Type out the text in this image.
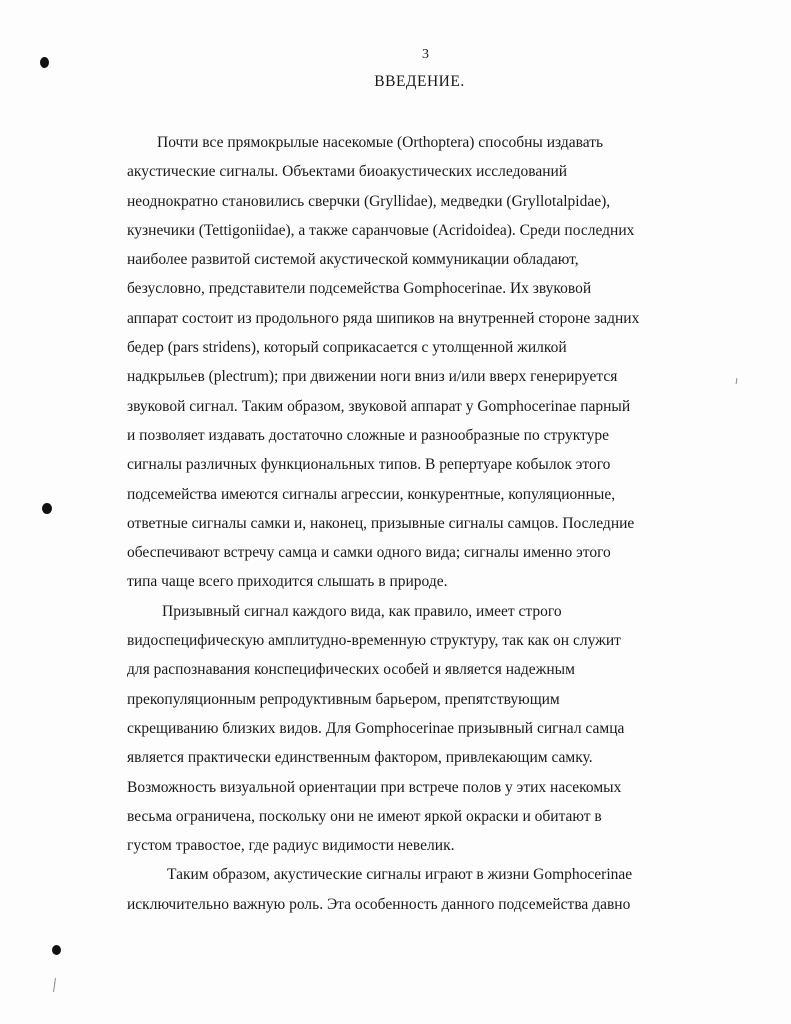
3
ВВЕДЕНИЕ.
Почти все прямокрылые насекомые (Orthoptera) способны издавать
акустические сигналы. Объектами биоакустических исследований
неоднократно становились сверчки (Gryllidae), медведки (Gryllotalpidae),
кузнечики (Tettigoniidae), а также саранчовые (Acridoidea). Среди последних
наиболее развитой системой акустической коммуникации обладают,
безусловно, представители подсемейства Gomphocerinae. Их звуковой
аппарат состоит из продольного ряда шипиков на внутренней стороне задних
бедер (pars stridens), который соприкасается с утолщенной жилкой
надкрыльев (plectrum); при движении ноги вниз и/или вверх генерируется
звуковой сигнал. Таким образом, звуковой аппарат у Gomphocerinae парный
и позволяет издавать достаточно сложные и разнообразные по структуре
сигналы различных функциональных типов. В репертуаре кобылок этого
подсемейства имеются сигналы агрессии, конкурентные, копуляционные,
ответные сигналы самки и, наконец, призывные сигналы самцов. Последние
обеспечивают встречу самца и самки одного вида; сигналы именно этого
типа чаще всего приходится слышать в природе.
Призывный сигнал каждого вида, как правило, имеет строго
видоспецифическую амплитудно-временную структуру, так как он служит
для распознавания конспецифических особей и является надежным
прекопуляционным репродуктивным барьером, препятствующим
скрещиванию близких видов. Для Gomphocerinae призывный сигнал самца
является практически единственным фактором, привлекающим самку.
Возможность визуальной ориентации при встрече полов у этих насекомых
весьма ограничена, поскольку они не имеют яркой окраски и обитают в
густом травостое, где радиус видимости невелик.
Таким образом, акустические сигналы играют в жизни Gomphocerinae
исключительно важную роль. Эта особенность данного подсемейства давно
